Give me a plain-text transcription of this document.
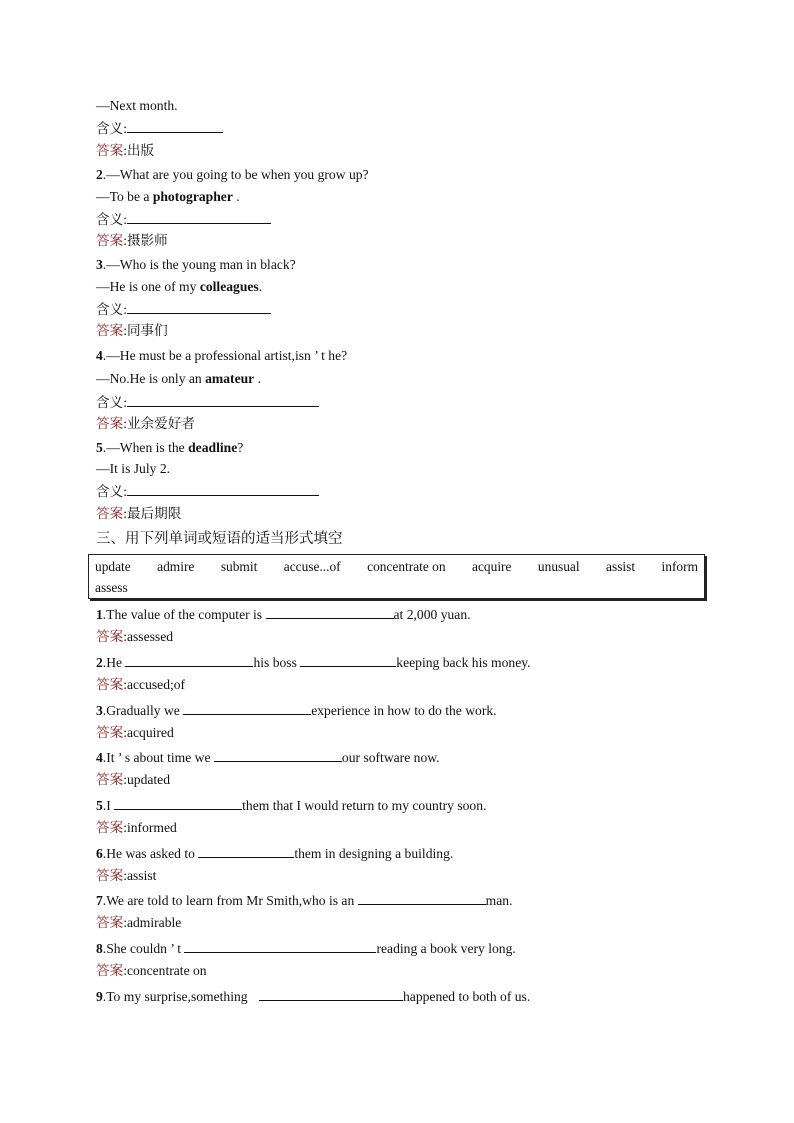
—Next month.
含义:
答案:出版
2.—What are you going to be when you grow up?
—To be a photographer .
含义:
答案:摄影师
3.—Who is the young man in black?
—He is one of my colleagues.
含义:
答案:同事们
4.—He must be a professional artist,isn ’ t he?
—No.He is only an amateur .
含义:
答案:业余爱好者
5.—When is the deadline?
—It is July 2.
含义:
答案:最后期限
三、用下列单词或短语的适当形式填空
update admire submit accuse...of concentrate on acquire unusual assist inform
assess
1.The value of the computer is	at 2,000 yuan.
答案:assessed
2.He	his boss	keeping back his money.
答案:accused;of
3.Gradually we	experience in how to do the work.
答案:acquired
4.It ’ s about time we	our software now.
答案:updated
5.I	them that I would return to my country soon.
答案:informed
6.He was asked to	them in designing a building.
答案:assist
7.We are told to learn from Mr Smith,who is an	man.
答案:admirable
8.She couldn ’ t	reading a book very long.
答案:concentrate on
9.To my surprise,something	happened to both of us.
